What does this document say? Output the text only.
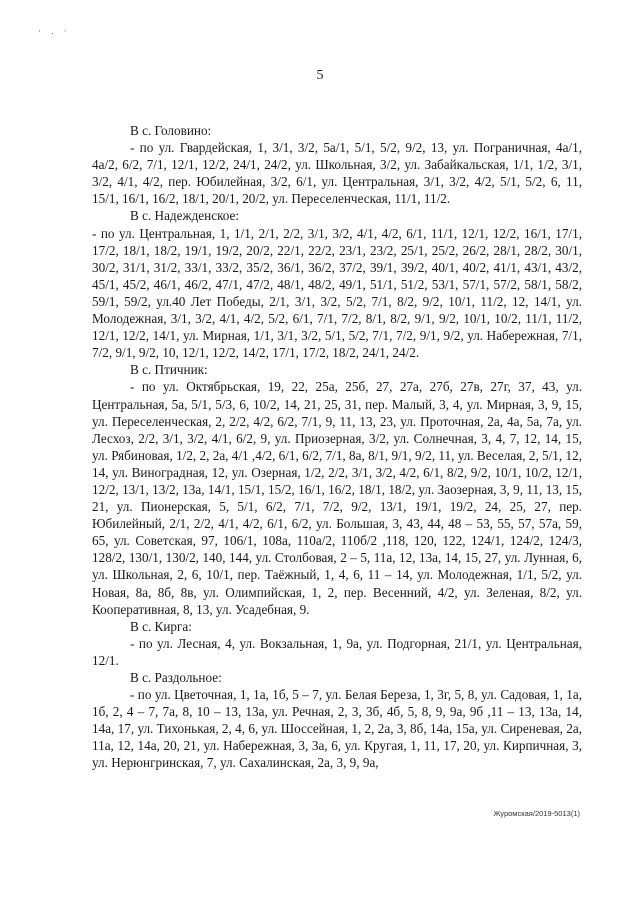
· . ·
5

В с. Головино:

- по ул. Гвардейская, 1, 3/1, 3/2, 5а/1, 5/1, 5/2, 9/2, 13, ул. Пограничная, 4а/1, 4а/2, 6/2, 7/1, 12/1, 12/2, 24/1, 24/2, ул. Школьная, 3/2, ул. Забайкальская, 1/1, 1/2, 3/1, 3/2, 4/1, 4/2, пер. Юбилейная, 3/2, 6/1, ул. Центральная, 3/1, 3/2, 4/2, 5/1, 5/2, 6, 11, 15/1, 16/1, 16/2, 18/1, 20/1, 20/2, ул. Переселенческая, 11/1, 11/2.

В с. Надежденское:

- по ул. Центральная, 1, 1/1, 2/1, 2/2, 3/1, 3/2, 4/1, 4/2, 6/1, 11/1, 12/1, 12/2, 16/1, 17/1, 17/2, 18/1, 18/2, 19/1, 19/2, 20/2, 22/1, 22/2, 23/1, 23/2, 25/1, 25/2, 26/2, 28/1, 28/2, 30/1, 30/2, 31/1, 31/2, 33/1, 33/2, 35/2, 36/1, 36/2, 37/2, 39/1, 39/2, 40/1, 40/2, 41/1, 43/1, 43/2, 45/1, 45/2, 46/1, 46/2, 47/1, 47/2, 48/1, 48/2, 49/1, 51/1, 51/2, 53/1, 57/1, 57/2, 58/1, 58/2, 59/1, 59/2, ул.40 Лет Победы, 2/1, 3/1, 3/2, 5/2, 7/1, 8/2, 9/2, 10/1, 11/2, 12, 14/1, ул. Молодежная, 3/1, 3/2, 4/1, 4/2, 5/2, 6/1, 7/1, 7/2, 8/1, 8/2, 9/1, 9/2, 10/1, 10/2, 11/1, 11/2, 12/1, 12/2, 14/1, ул. Мирная, 1/1, 3/1, 3/2, 5/1, 5/2, 7/1, 7/2, 9/1, 9/2, ул. Набережная, 7/1, 7/2, 9/1, 9/2, 10, 12/1, 12/2, 14/2, 17/1, 17/2, 18/2, 24/1, 24/2.

В с. Птичник:

- по ул. Октябрьская, 19, 22, 25а, 25б, 27, 27а, 27б, 27в, 27г, 37, 43, ул. Центральная, 5а, 5/1, 5/3, 6, 10/2, 14, 21, 25, 31, пер. Малый, 3, 4, ул. Мирная, 3, 9, 15, ул. Переселенческая, 2, 2/2, 4/2, 6/2, 7/1, 9, 11, 13, 23, ул. Проточная, 2а, 4а, 5а, 7а, ул. Лесхоз, 2/2, 3/1, 3/2, 4/1, 6/2, 9, ул. Приозерная, 3/2, ул. Солнечная, 3, 4, 7, 12, 14, 15, ул. Рябиновая, 1/2, 2, 2а, 4/1 ,4/2, 6/1, 6/2, 7/1, 8а, 8/1, 9/1, 9/2, 11, ул. Веселая, 2, 5/1, 12, 14, ул. Виноградная, 12, ул. Озерная, 1/2, 2/2, 3/1, 3/2, 4/2, 6/1, 8/2, 9/2, 10/1, 10/2, 12/1, 12/2, 13/1, 13/2, 13а, 14/1, 15/1, 15/2, 16/1, 16/2, 18/1, 18/2, ул. Заозерная, 3, 9, 11, 13, 15, 21, ул. Пионерская, 5, 5/1, 6/2, 7/1, 7/2, 9/2, 13/1, 19/1, 19/2, 24, 25, 27, пер. Юбилейный, 2/1, 2/2, 4/1, 4/2, 6/1, 6/2, ул. Большая, 3, 43, 44, 48 – 53, 55, 57, 57а, 59, 65, ул. Советская, 97, 106/1, 108а, 110а/2, 110б/2 ,118, 120, 122, 124/1, 124/2, 124/3, 128/2, 130/1, 130/2, 140, 144, ул. Столбовая, 2 – 5, 11а, 12, 13а, 14, 15, 27, ул. Лунная, 6, ул. Школьная, 2, 6, 10/1, пер. Таёжный, 1, 4, 6, 11 – 14, ул. Молодежная, 1/1, 5/2, ул. Новая, 8а, 8б, 8в, ул. Олимпийская, 1, 2, пер. Весенний, 4/2, ул. Зеленая, 8/2, ул. Кооперативная, 8, 13, ул. Усадебная, 9.

В с. Кирга:

- по ул. Лесная, 4, ул. Вокзальная, 1, 9а, ул. Подгорная, 21/1, ул. Центральная, 12/1.

В с. Раздольное:

- по ул. Цветочная, 1, 1а, 1б, 5 – 7, ул. Белая Береза, 1, 3г, 5, 8, ул. Садовая, 1, 1а, 1б, 2, 4 – 7, 7а, 8, 10 – 13, 13а, ул. Речная, 2, 3, 3б, 4б, 5, 8, 9, 9а, 9б ,11 – 13, 13а, 14, 14а, 17, ул. Тихонькая, 2, 4, 6, ул. Шоссейная, 1, 2, 2а, 3, 8б, 14а, 15а, ул. Сиреневая, 2а, 11а, 12, 14а, 20, 21, ул. Набережная, 3, 3а, 6, ул. Кругая, 1, 11, 17, 20, ул. Кирпичная, 3, ул. Нерюнгринская, 7, ул. Сахалинская, 2а, 3, 9, 9а,

Журомская/2019-5013(1)
